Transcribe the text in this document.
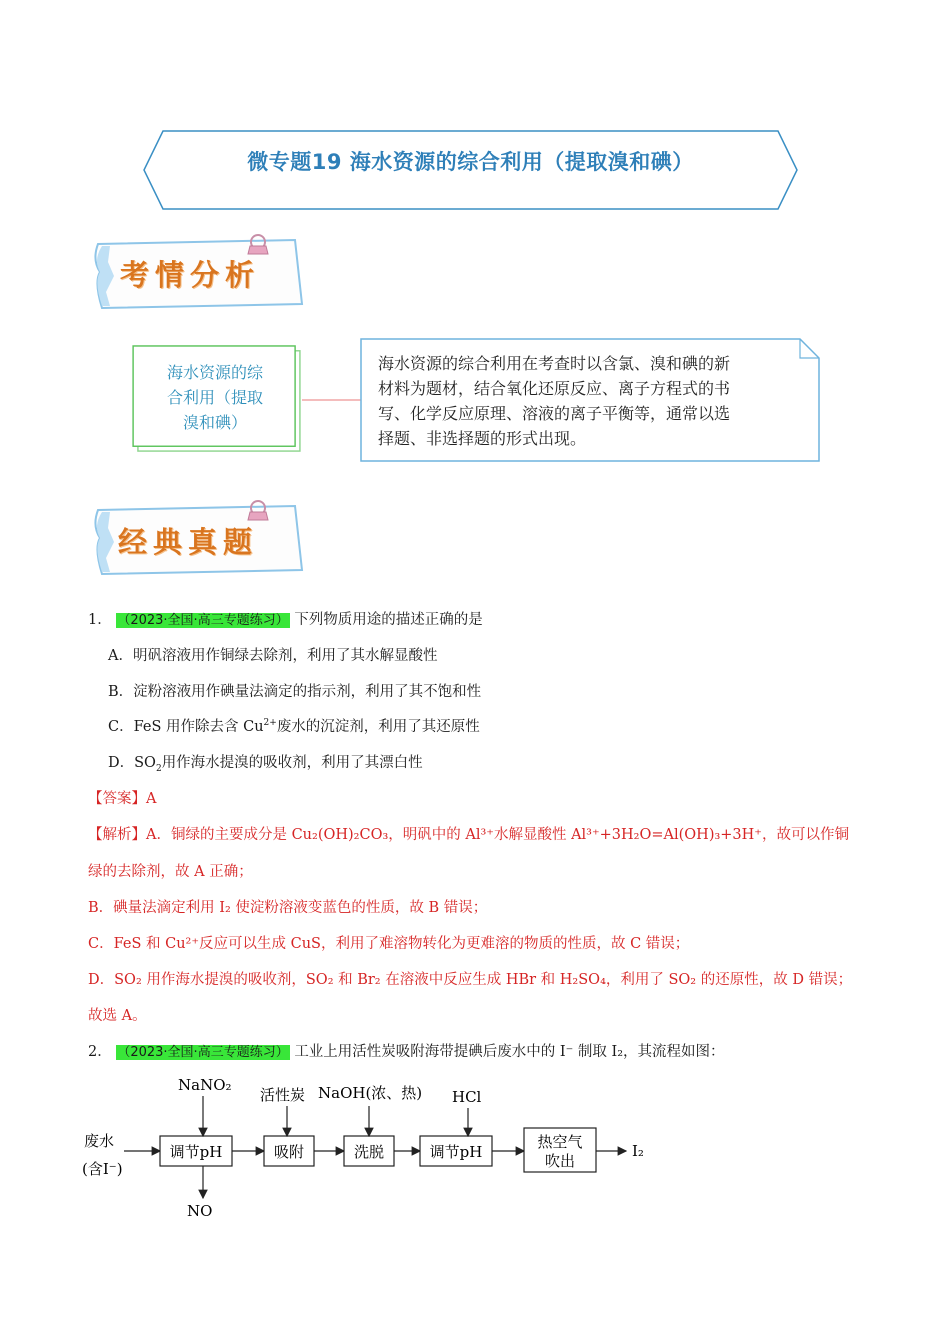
微专题19 海水资源的综合利用（提取溴和碘）
考情分析
海水资源的综
合利用（提取
溴和碘）
海水资源的综合利用在考查时以含氯、溴和碘的新
材料为题材，结合氧化还原反应、离子方程式的书
写、化学反应原理、溶液的离子平衡等，通常以选
择题、非选择题的形式出现。
经典真题
1． （2023·全国·高三专题练习） 下列物质用途的描述正确的是
A．明矾溶液用作铜绿去除剂，利用了其水解显酸性
B．淀粉溶液用作碘量法滴定的指示剂，利用了其不饱和性
C．FeS 用作除去含 $Cu^{2+}$废水的沉淀剂，利用了其还原性
D．$SO_2$用作海水提溴的吸收剂，利用了其漂白性
【答案】A
【解析】A．铜绿的主要成分是 Cu₂(OH)₂CO₃，明矾中的 Al³⁺水解显酸性 Al³⁺+3H₂O=Al(OH)₃+3H⁺，故可以作铜
绿的去除剂，故 A 正确；
B．碘量法滴定利用 I₂ 使淀粉溶液变蓝色的性质，故 B 错误；
C．FeS 和 Cu²⁺反应可以生成 CuS，利用了难溶物转化为更难溶的物质的性质，故 C 错误；
D．SO₂ 用作海水提溴的吸收剂，SO₂ 和 Br₂ 在溶液中反应生成 HBr 和 H₂SO₄，利用了 SO₂ 的还原性，故 D 错误；
故选 A。
2． （2023·全国·高三专题练习） 工业上用活性炭吸附海带提碘后废水中的 I⁻ 制取 I₂，其流程如图：
废水
(含I⁻)
调节pH
NaNO₂
NO
吸附
活性炭
洗脱
NaOH(浓、热)
调节pH
HCl
热空气
吹出
I₂
